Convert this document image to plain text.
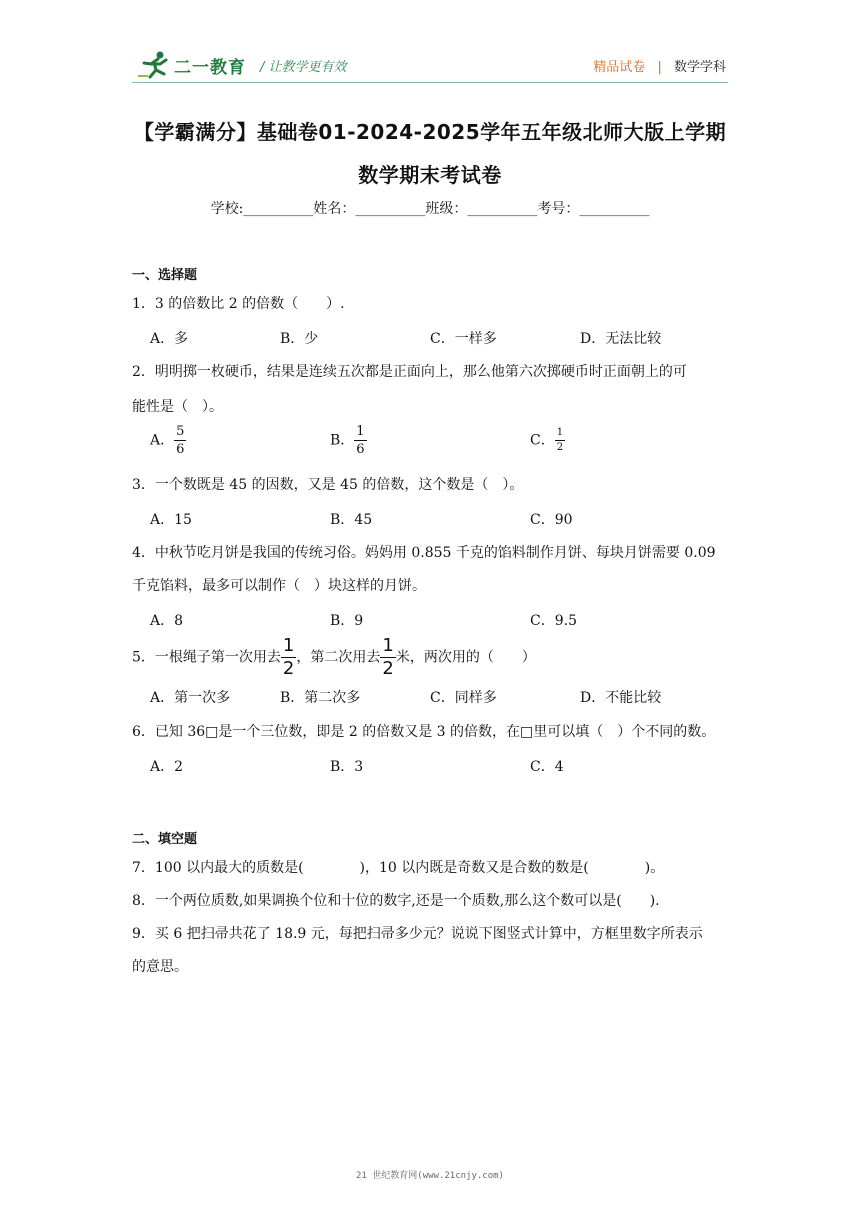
二一教育 / 让教学更有效	精品试卷 | 数学学科
【学霸满分】基础卷01-2024-2025学年五年级北师大版上学期
数学期末考试卷
学校:__________姓名：__________班级：__________考号：__________
一、选择题
1．3 的倍数比 2 的倍数（　　）.
A．多	B．少	C．一样多	D．无法比较
2．明明掷一枚硬币，结果是连续五次都是正面向上，那么他第六次掷硬币时正面朝上的可
能性是（　）。
A． $\frac{5}{6}$	B． $\frac{1}{6}$	C． $\frac{1}{2}$
3．一个数既是 45 的因数，又是 45 的倍数，这个数是（　）。
A．15	B．45	C．90
4．中秋节吃月饼是我国的传统习俗。妈妈用 0.855 千克的馅料制作月饼、每块月饼需要 0.09
千克馅料，最多可以制作（　）块这样的月饼。
A．8	B．9	C．9.5
5．一根绳子第一次用去 $\frac{1}{2}$ ，第二次用去 $\frac{1}{2}$ 米，两次用的（　　）
A．第一次多	B．第二次多	C．同样多	D．不能比较
6．已知 36□是一个三位数，即是 2 的倍数又是 3 的倍数，在□里可以填（　）个不同的数。
A．2	B．3	C．4
二、填空题
7．100 以内最大的质数是(　　　　)，10 以内既是奇数又是合数的数是(　　　　)。
8．一个两位质数,如果调换个位和十位的数字,还是一个质数,那么这个数可以是(　　).
9．买 6 把扫帚共花了 18.9 元，每把扫帚多少元？说说下图竖式计算中，方框里数字所表示
的意思。
21 世纪教育网(www.21cnjy.com)
